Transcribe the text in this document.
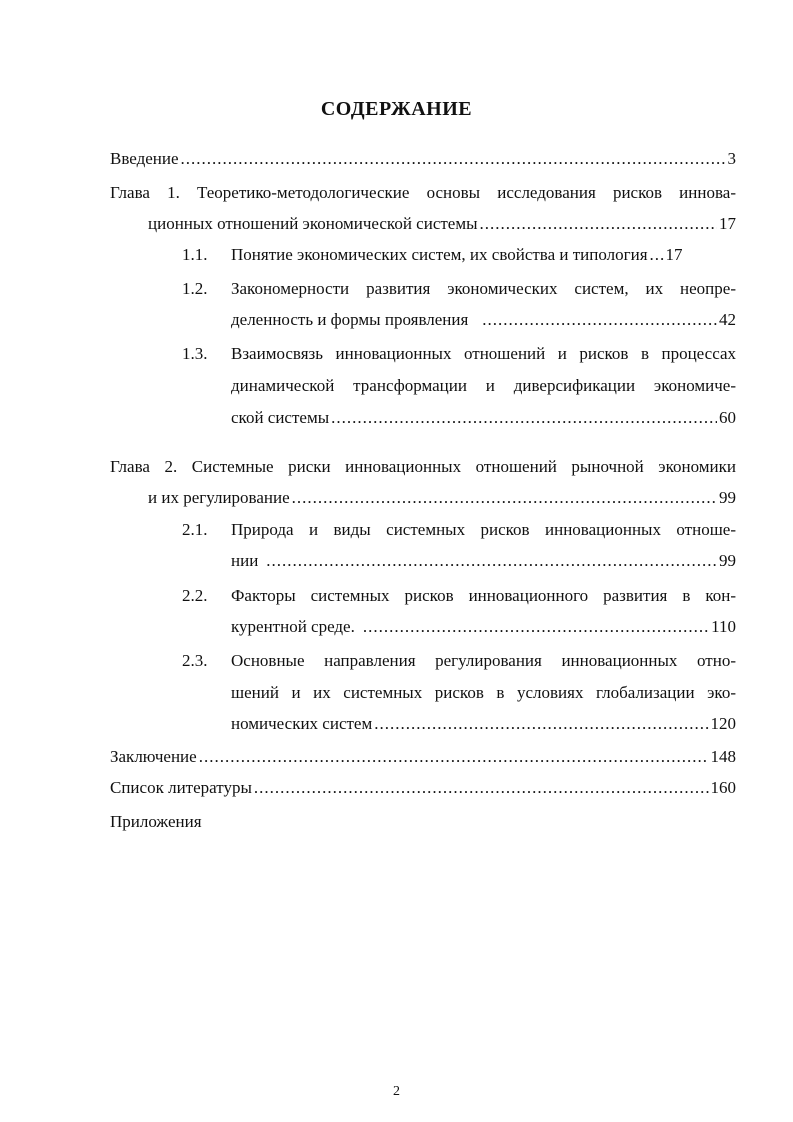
СОДЕРЖАНИЕ
Введение .....	3
Глава 1. Теоретико-методологические основы исследования рисков иннова-
ционных отношений экономической системы .....	17
1.1. Понятие экономических систем, их свойства и типология ..... 17
1.2. Закономерности развития экономических систем, их неопре-
деленность и формы проявления .....	42
1.3. Взаимосвязь инновационных отношений и рисков в процессах
динамической трансформации и диверсификации экономиче-
ской системы .....	60
Глава 2. Системные риски инновационных отношений рыночной экономики
и их регулирование .....	99
2.1. Природа и виды системных рисков инновационных отноше-
нии .....	99
2.2. Факторы системных рисков инновационного развития в кон-
курентной среде. .....	110
2.3. Основные направления регулирования инновационных отно-
шений и их системных рисков в условиях глобализации эко-
номических систем .....	120
Заключение .....	148
Список литературы .....	160
Приложения
2
